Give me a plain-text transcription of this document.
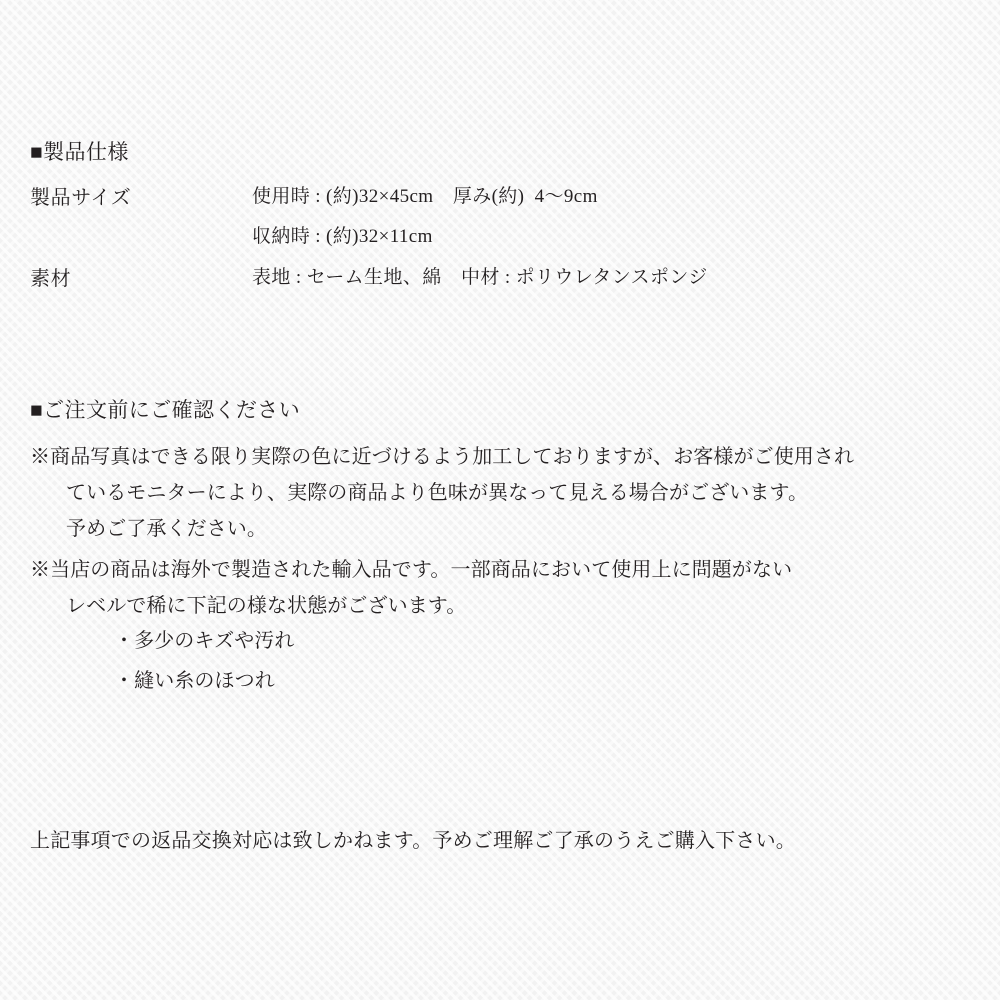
■製品仕様
製品サイズ	使用時 : (約)32×45cm　厚み(約)  4〜9cm
収納時 : (約)32×11cm
素材	表地 : セーム生地、綿　中材 : ポリウレタンスポンジ
■ご注文前にご確認ください

※商品写真はできる限り実際の色に近づけるよう加工しておりますが、お客様がご使用され

ているモニターにより、実際の商品より色味が異なって見える場合がございます。

予めご了承ください。

※当店の商品は海外で製造された輸入品です。一部商品において使用上に問題がない

レベルで稀に下記の様な状態がございます。

・多少のキズや汚れ

・縫い糸のほつれ

上記事項での返品交換対応は致しかねます。予めご理解ご了承のうえご購入下さい。
